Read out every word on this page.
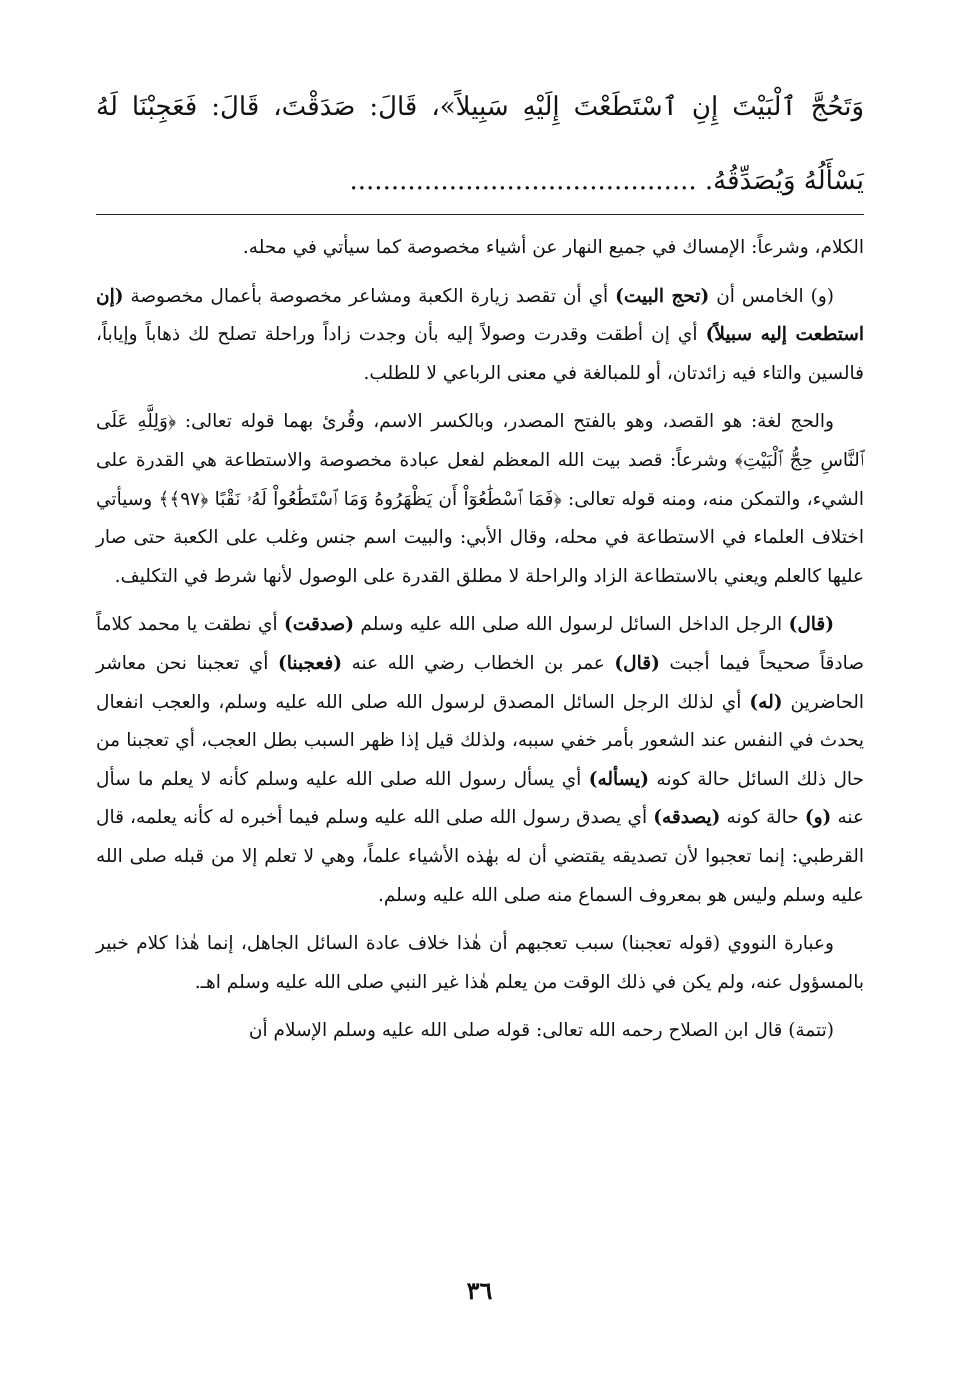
وَتَحُجَّ ٱلْبَيْتَ إِنِ ٱسْتَطَعْتَ إِلَيْهِ سَبِيلاً»، قَالَ: صَدَقْتَ، قَالَ: فَعَجِبْنَا لَهُ يَسْأَلُهُ وَيُصَدِّقُهُ. ..........................................

الكلام، وشرعاً: الإمساك في جميع النهار عن أشياء مخصوصة كما سيأتي في محله.

(و) الخامس أن (تحج البيت) أي أن تقصد زيارة الكعبة ومشاعر مخصوصة بأعمال مخصوصة (إن استطعت إليه سبيلاً) أي إن أطقت وقدرت وصولاً إليه بأن وجدت زاداً وراحلة تصلح لك ذهاباً وإياباً، فالسين والتاء فيه زائدتان، أو للمبالغة في معنى الرباعي لا للطلب.

والحج لغة: هو القصد، وهو بالفتح المصدر، وبالكسر الاسم، وقُرئ بهما قوله تعالى: ﴿وَلِلَّهِ عَلَى ٱلنَّاسِ حِجُّ ٱلْبَيْتِ﴾ وشرعاً: قصد بيت الله المعظم لفعل عبادة مخصوصة والاستطاعة هي القدرة على الشيء، والتمكن منه، ومنه قوله تعالى: ﴿فَمَا ٱسْطَٰعُوٓاْ أَن يَظْهَرُوهُ وَمَا ٱسْتَطَٰعُواْ لَهُۥ نَقْبًا ﴿٩٧﴾﴾ وسيأتي اختلاف العلماء في الاستطاعة في محله، وقال الأبي: والبيت اسم جنس وغلب على الكعبة حتى صار عليها كالعلم ويعني بالاستطاعة الزاد والراحلة لا مطلق القدرة على الوصول لأنها شرط في التكليف.

(قال) الرجل الداخل السائل لرسول الله صلى الله عليه وسلم (صدقت) أي نطقت يا محمد كلاماً صادقاً صحيحاً فيما أجبت (قال) عمر بن الخطاب رضي الله عنه (فعجبنا) أي تعجبنا نحن معاشر الحاضرين (له) أي لذلك الرجل السائل المصدق لرسول الله صلى الله عليه وسلم، والعجب انفعال يحدث في النفس عند الشعور بأمر خفي سببه، ولذلك قيل إذا ظهر السبب بطل العجب، أي تعجبنا من حال ذلك السائل حالة كونه (يسأله) أي يسأل رسول الله صلى الله عليه وسلم كأنه لا يعلم ما سأل عنه (و) حالة كونه (يصدقه) أي يصدق رسول الله صلى الله عليه وسلم فيما أخبره له كأنه يعلمه، قال القرطبي: إنما تعجبوا لأن تصديقه يقتضي أن له بهٰذه الأشياء علماً، وهي لا تعلم إلا من قبله صلى الله عليه وسلم وليس هو بمعروف السماع منه صلى الله عليه وسلم.

وعبارة النووي (قوله تعجبنا) سبب تعجبهم أن هٰذا خلاف عادة السائل الجاهل، إنما هٰذا كلام خبير بالمسؤول عنه، ولم يكن في ذلك الوقت من يعلم هٰذا غير النبي صلى الله عليه وسلم اهـ.

(تتمة) قال ابن الصلاح رحمه الله تعالى: قوله صلى الله عليه وسلم الإسلام أن

٣٦
